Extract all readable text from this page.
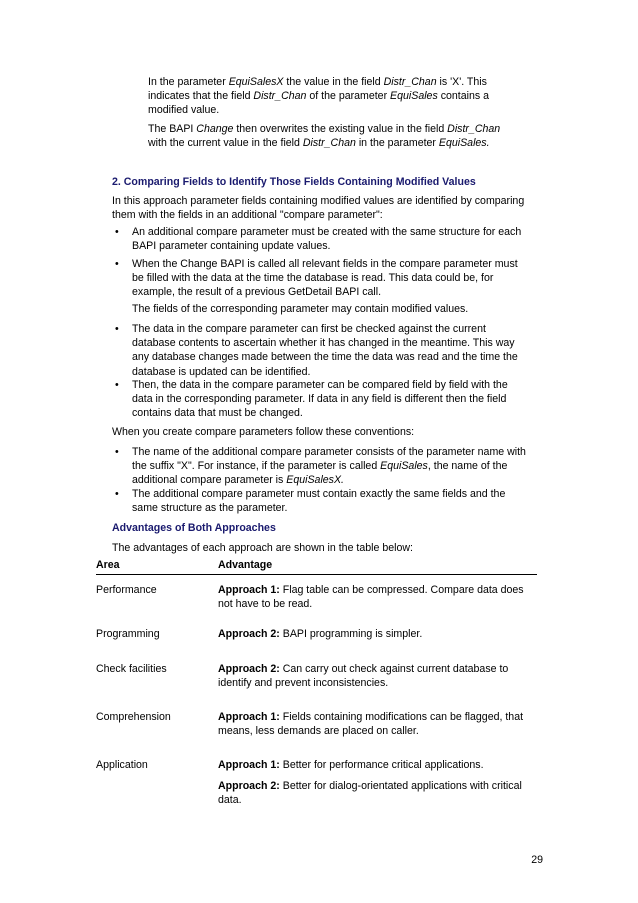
In the parameter EquiSalesX the value in the field Distr_Chan is 'X'. This indicates that the field Distr_Chan of the parameter EquiSales contains a modified value.

The BAPI Change then overwrites the existing value in the field Distr_Chan with the current value in the field Distr_Chan in the parameter EquiSales.

2. Comparing Fields to Identify Those Fields Containing Modified Values

In this approach parameter fields containing modified values are identified by comparing them with the fields in an additional "compare parameter":

•	An additional compare parameter must be created with the same structure for each BAPI parameter containing update values.
•	When the Change BAPI is called all relevant fields in the compare parameter must be filled with the data at the time the database is read. This data could be, for example, the result of a previous GetDetail BAPI call.

The fields of the corresponding parameter may contain modified values.

•	The data in the compare parameter can first be checked against the current database contents to ascertain whether it has changed in the meantime. This way any database changes made between the time the data was read and the time the database is updated can be identified.
•	Then, the data in the compare parameter can be compared field by field with the data in the corresponding parameter. If data in any field is different then the field contains data that must be changed.

When you create compare parameters follow these conventions:

•	The name of the additional compare parameter consists of the parameter name with the suffix "X". For instance, if the parameter is called EquiSales, the name of the additional compare parameter is EquiSalesX.
•	The additional compare parameter must contain exactly the same fields and the same structure as the parameter.

Advantages of Both Approaches

The advantages of each approach are shown in the table below:

Area	Advantage
Performance	Approach 1: Flag table can be compressed. Compare data does not have to be read.

Programming	Approach 2: BAPI programming is simpler.

Check facilities	Approach 2: Can carry out check against current database to identify and prevent inconsistencies.

Comprehension	Approach 1: Fields containing modifications can be flagged, that means, less demands are placed on caller.

Application	Approach 1: Better for performance critical applications.

Approach 2: Better for dialog-orientated applications with critical data.

29
